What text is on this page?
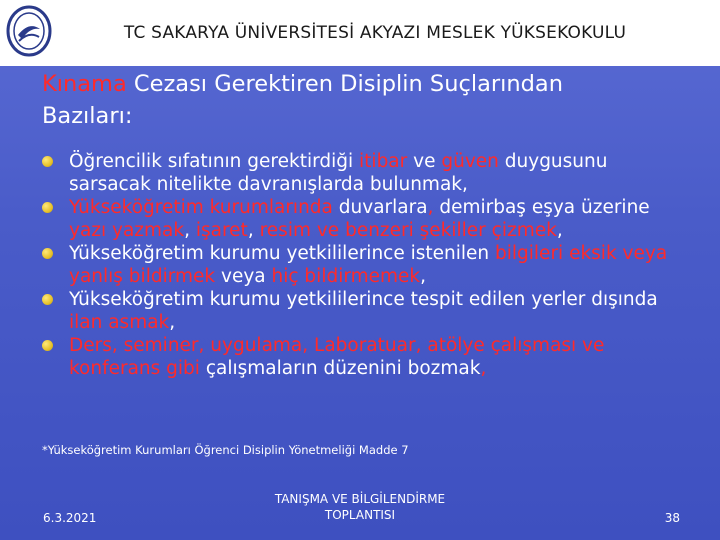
TC SAKARYA ÜNİVERSİTESİ AKYAZI MESLEK YÜKSEKOKULU
Kınama Cezası Gerektiren Disiplin Suçlarından
Bazıları:
Öğrencilik sıfatının gerektirdiği itibar ve güven duygusunu sarsacak nitelikte davranışlarda bulunmak,
Yükseköğretim kurumlarında duvarlara, demirbaş eşya üzerine yazı yazmak, işaret, resim ve benzeri şekiller çizmek,
Yükseköğretim kurumu yetkililerince istenilen bilgileri eksik veya yanlış bildirmek veya hiç bildirmemek,
Yükseköğretim kurumu yetkililerince tespit edilen yerler dışında ilan asmak,
Ders, seminer, uygulama, Laboratuar, atölye çalışması ve konferans gibi çalışmaların düzenini bozmak,
*Yükseköğretim Kurumları Öğrenci Disiplin Yönetmeliği Madde 7
6.3.2021
TANIŞMA VE BİLGİLENDİRME
TOPLANTISI	38
